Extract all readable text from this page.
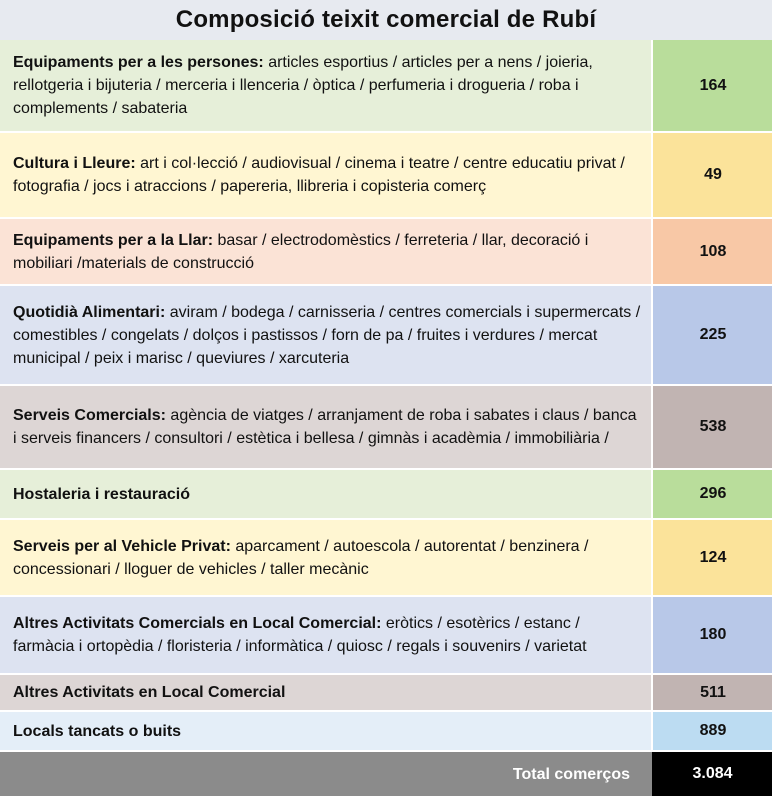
Composició teixit comercial de Rubí
Equipaments per a les persones: articles esportius / articles per a nens / joieria, rellotgeria i bijuteria / merceria i llenceria / òptica / perfumeria i drogueria / roba i complements / sabateria	164
Cultura i Lleure: art i col·lecció / audiovisual / cinema i teatre / centre educatiu privat / fotografia / jocs i atraccions / papereria, llibreria i copisteria comerç	49
Equipaments per a la Llar: basar / electrodomèstics / ferreteria / llar, decoració i mobiliari /materials de construcció	108
Quotidià Alimentari: aviram / bodega / carnisseria / centres comercials i supermercats / comestibles / congelats / dolços i pastissos / forn de pa / fruites i verdures / mercat municipal / peix i marisc / queviures / xarcuteria	225
Serveis Comercials: agència de viatges / arranjament de roba i sabates i claus / banca i serveis financers / consultori / estètica i bellesa / gimnàs i acadèmia / immobiliària /	538
Hostaleria i restauració	296
Serveis per al Vehicle Privat: aparcament / autoescola / autorentat / benzinera / concessionari / lloguer de vehicles / taller mecànic	124
Altres Activitats Comercials en Local Comercial: eròtics / esotèrics / estanc / farmàcia i ortopèdia / floristeria / informàtica / quiosc / regals i souvenirs / varietat	180
Altres Activitats en Local Comercial	511
Locals tancats o buits	889
Total comerços	3.084
